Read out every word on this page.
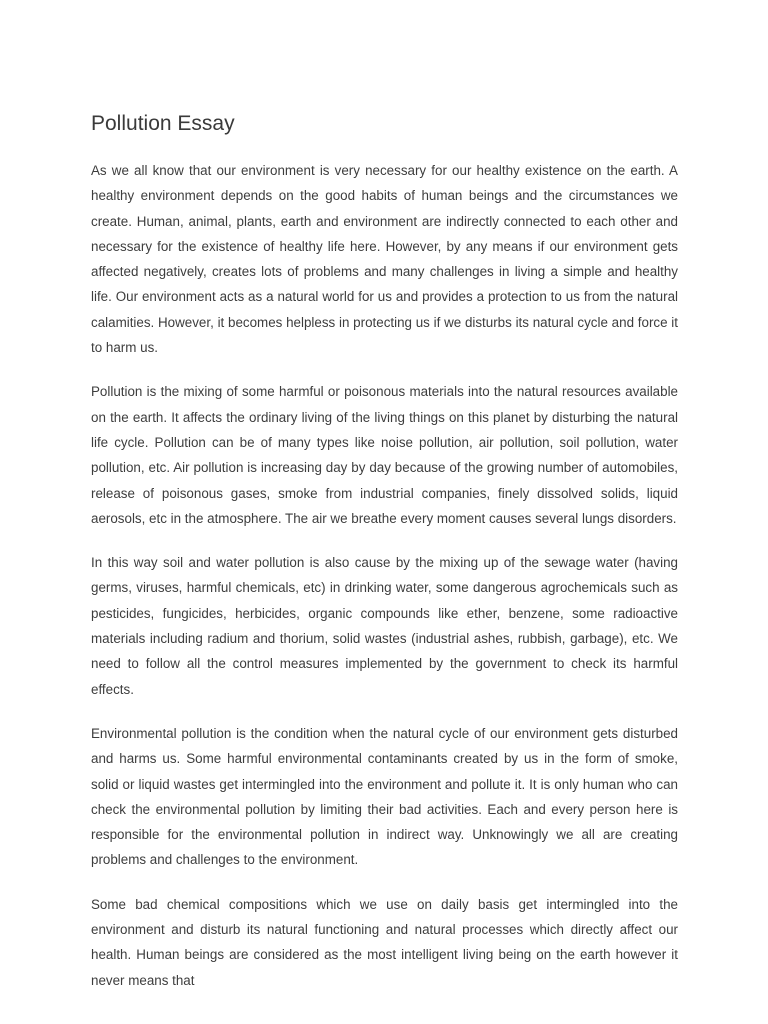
Pollution Essay

As we all know that our environment is very necessary for our healthy existence on the earth. A healthy environment depends on the good habits of human beings and the circumstances we create. Human, animal, plants, earth and environment are indirectly connected to each other and necessary for the existence of healthy life here. However, by any means if our environment gets affected negatively, creates lots of problems and many challenges in living a simple and healthy life. Our environment acts as a natural world for us and provides a protection to us from the natural calamities. However, it becomes helpless in protecting us if we disturbs its natural cycle and force it to harm us.

Pollution is the mixing of some harmful or poisonous materials into the natural resources available on the earth. It affects the ordinary living of the living things on this planet by disturbing the natural life cycle. Pollution can be of many types like noise pollution, air pollution, soil pollution, water pollution, etc. Air pollution is increasing day by day because of the growing number of automobiles, release of poisonous gases, smoke from industrial companies, finely dissolved solids, liquid aerosols, etc in the atmosphere. The air we breathe every moment causes several lungs disorders.

In this way soil and water pollution is also cause by the mixing up of the sewage water (having germs, viruses, harmful chemicals, etc) in drinking water, some dangerous agrochemicals such as pesticides, fungicides, herbicides, organic compounds like ether, benzene, some radioactive materials including radium and thorium, solid wastes (industrial ashes, rubbish, garbage), etc. We need to follow all the control measures implemented by the government to check its harmful effects.

Environmental pollution is the condition when the natural cycle of our environment gets disturbed and harms us. Some harmful environmental contaminants created by us in the form of smoke, solid or liquid wastes get intermingled into the environment and pollute it. It is only human who can check the environmental pollution by limiting their bad activities. Each and every person here is responsible for the environmental pollution in indirect way. Unknowingly we all are creating problems and challenges to the environment.

Some bad chemical compositions which we use on daily basis get intermingled into the environment and disturb its natural functioning and natural processes which directly affect our health. Human beings are considered as the most intelligent living being on the earth however it never means that
